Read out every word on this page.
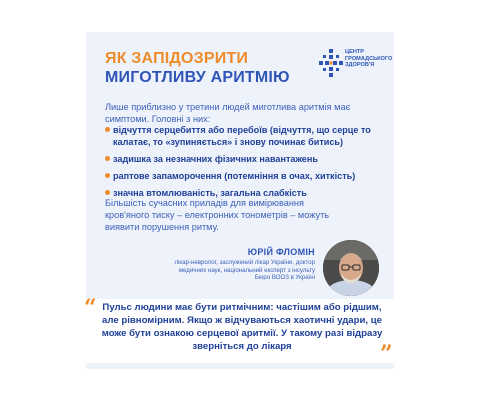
ЯК ЗАПІДОЗРИТИ
МИГОТЛИВУ АРИТМІЮ
ЦЕНТР
ГРОМАДСЬКОГО
ЗДОРОВ'Я
Лише приблизно у третини людей миготлива аритмія має симптоми. Головні з них:
відчуття серцебиття або перебоїв (відчуття, що серце то калатає, то «зупиняється» і знову починає битись)
задишка за незначних фізичних навантажень
раптове запаморочення (потемніння в очах, хиткість)
значна втомлюваність, загальна слабкість
Більшість сучасних приладів для вимірювання кров'яного тиску – електронних тонометрів – можуть виявити порушення ритму.
ЮРІЙ ФЛОМІН
лікар-невролог, заслужений лікар України, доктор медичних наук, національний експерт з інсульту Бюро ВООЗ в Україні
“ Пульс людини має бути ритмічним: частішим або рідшим, але рівномірним. Якщо ж відчуваються хаотичні удари, це може бути ознакою серцевої аритмії. У такому разі відразу зверніться до лікаря	”
